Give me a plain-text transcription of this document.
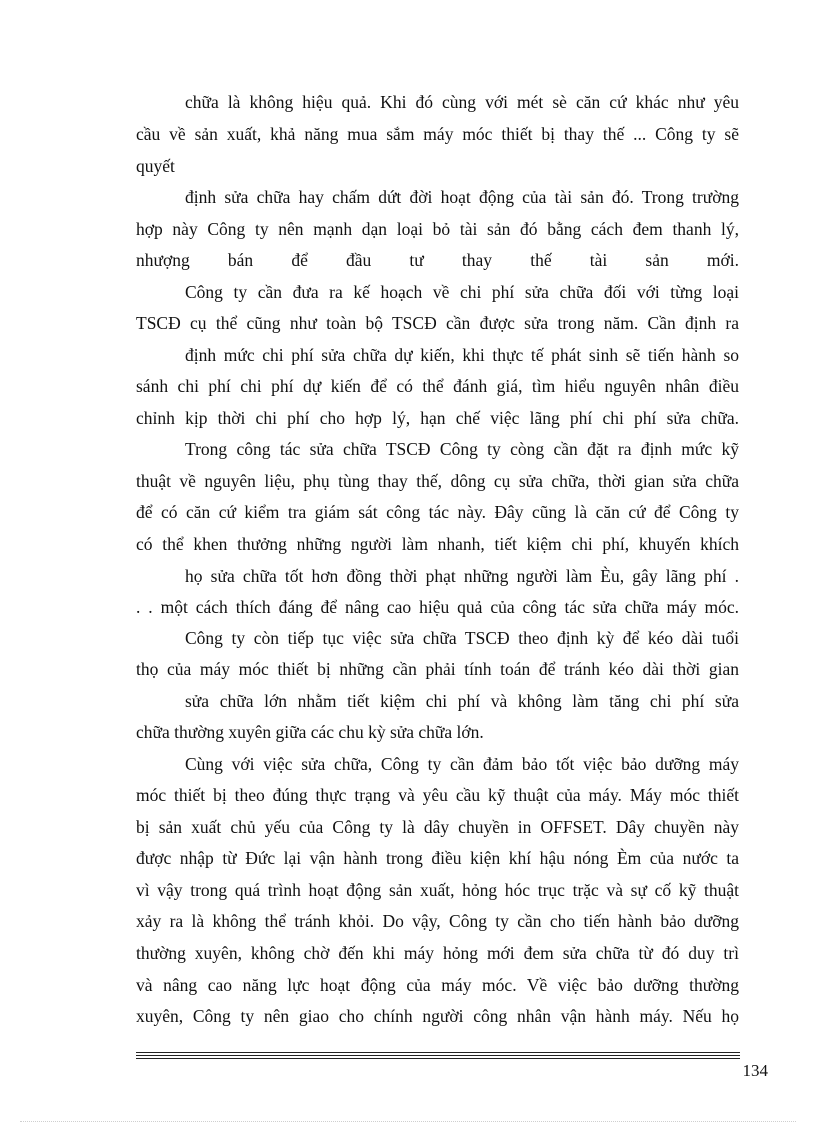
chữa là không hiệu quả. Khi đó cùng với mét sè căn cứ khác như yêu
cầu về sản xuất, khả năng mua sắm máy móc thiết bị thay thế ... Công ty sẽ
quyết
định sửa chữa hay chấm dứt đời hoạt động của tài sản đó. Trong trường
hợp này Công ty nên mạnh dạn loại bỏ tài sản đó bằng cách đem thanh lý,
nhượng bán để đầu tư thay thế tài sản mới.
Công ty cần đưa ra kế hoạch về chi phí sửa chữa đối với từng loại
TSCĐ cụ thể cũng như toàn bộ TSCĐ cần được sửa trong năm. Cần định ra
định mức chi phí sửa chữa dự kiến, khi thực tế phát sinh sẽ tiến hành so
sánh chi phí chi phí dự kiến để có thể đánh giá, tìm hiểu nguyên nhân điều
chỉnh kịp thời chi phí cho hợp lý, hạn chế việc lãng phí chi phí sửa chữa.
Trong công tác sửa chữa TSCĐ Công ty còng cần đặt ra định mức kỹ
thuật về nguyên liệu, phụ tùng thay thế, dông cụ sửa chữa, thời gian sửa chữa
để có căn cứ kiểm tra giám sát công tác này. Đây cũng là căn cứ để Công ty
có thể khen thưởng những người làm nhanh, tiết kiệm chi phí, khuyến khích
họ sửa chữa tốt hơn đồng thời phạt những người làm Èu, gây lãng phí .
. . một cách thích đáng để nâng cao hiệu quả của công tác sửa chữa máy móc.
Công ty còn tiếp tục việc sửa chữa TSCĐ theo định kỳ để kéo dài tuổi
thọ của máy móc thiết bị những cần phải tính toán để tránh kéo dài thời gian
sửa chữa lớn nhằm tiết kiệm chi phí và không làm tăng chi phí sửa
chữa thường xuyên giữa các chu kỳ sửa chữa lớn.
Cùng với việc sửa chữa, Công ty cần đảm bảo tốt việc bảo dưỡng máy
móc thiết bị theo đúng thực trạng và yêu cầu kỹ thuật của máy. Máy móc thiết
bị sản xuất chủ yếu của Công ty là dây chuyền in OFFSET. Dây chuyền này
được nhập từ Đức lại vận hành trong điều kiện khí hậu nóng Èm của nước ta
vì vậy trong quá trình hoạt động sản xuất, hỏng hóc trục trặc và sự cố kỹ thuật
xảy ra là không thể tránh khỏi. Do vậy, Công ty cần cho tiến hành bảo dưỡng
thường xuyên, không chờ đến khi máy hỏng mới đem sửa chữa từ đó duy trì
và nâng cao năng lực hoạt động của máy móc. Về việc bảo dưỡng thường
xuyên, Công ty nên giao cho chính người công nhân vận hành máy. Nếu họ
134
